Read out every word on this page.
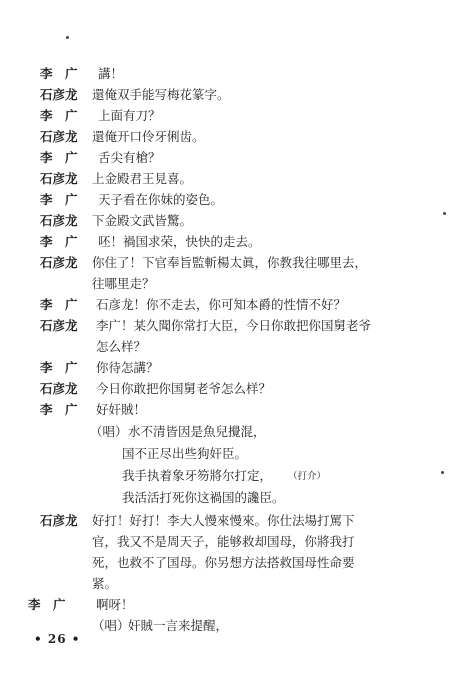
李　广 講！
石彦龙 還俺双手能写梅花篆字。
李　广 上面有刀？
石彦龙 還俺开口伶牙俐齿。
李　广 舌尖有槍？
石彦龙 上金殿君王見喜。
李　广 天子看在你妹的姿色。
石彦龙 下金殿文武皆驚。
李　广 呸！禍国求荣，快快的走去。
石彦龙 你住了！下官奉旨監斬楊太眞，你教我往哪里去，
往哪里走？
李　广 石彦龙！你不走去，你可知本爵的性情不好？
石彦龙 李广！某久聞你常打大臣，今日你敢把你国舅老爷
怎么样？
李　广 你待怎講？
石彦龙 今日你敢把你国舅老爷怎么样？
李　广 好奸賊！
（唱） 水不清皆因是魚兒攪混，
国不正尽出些狗奸臣。
我手执着象牙笏將尔打定， （打介）
我活活打死你这禍国的讒臣。
石彦龙 好打！好打！李大人慢來慢來。你仕法場打罵下
官，我又不是周天子，能够救却国母，你將我打
死，也救不了国母。你另想方法搭救国母性命要
紧。
李　广 啊呀！
（唱）
奸賊一言来提醒，
• 26 •
